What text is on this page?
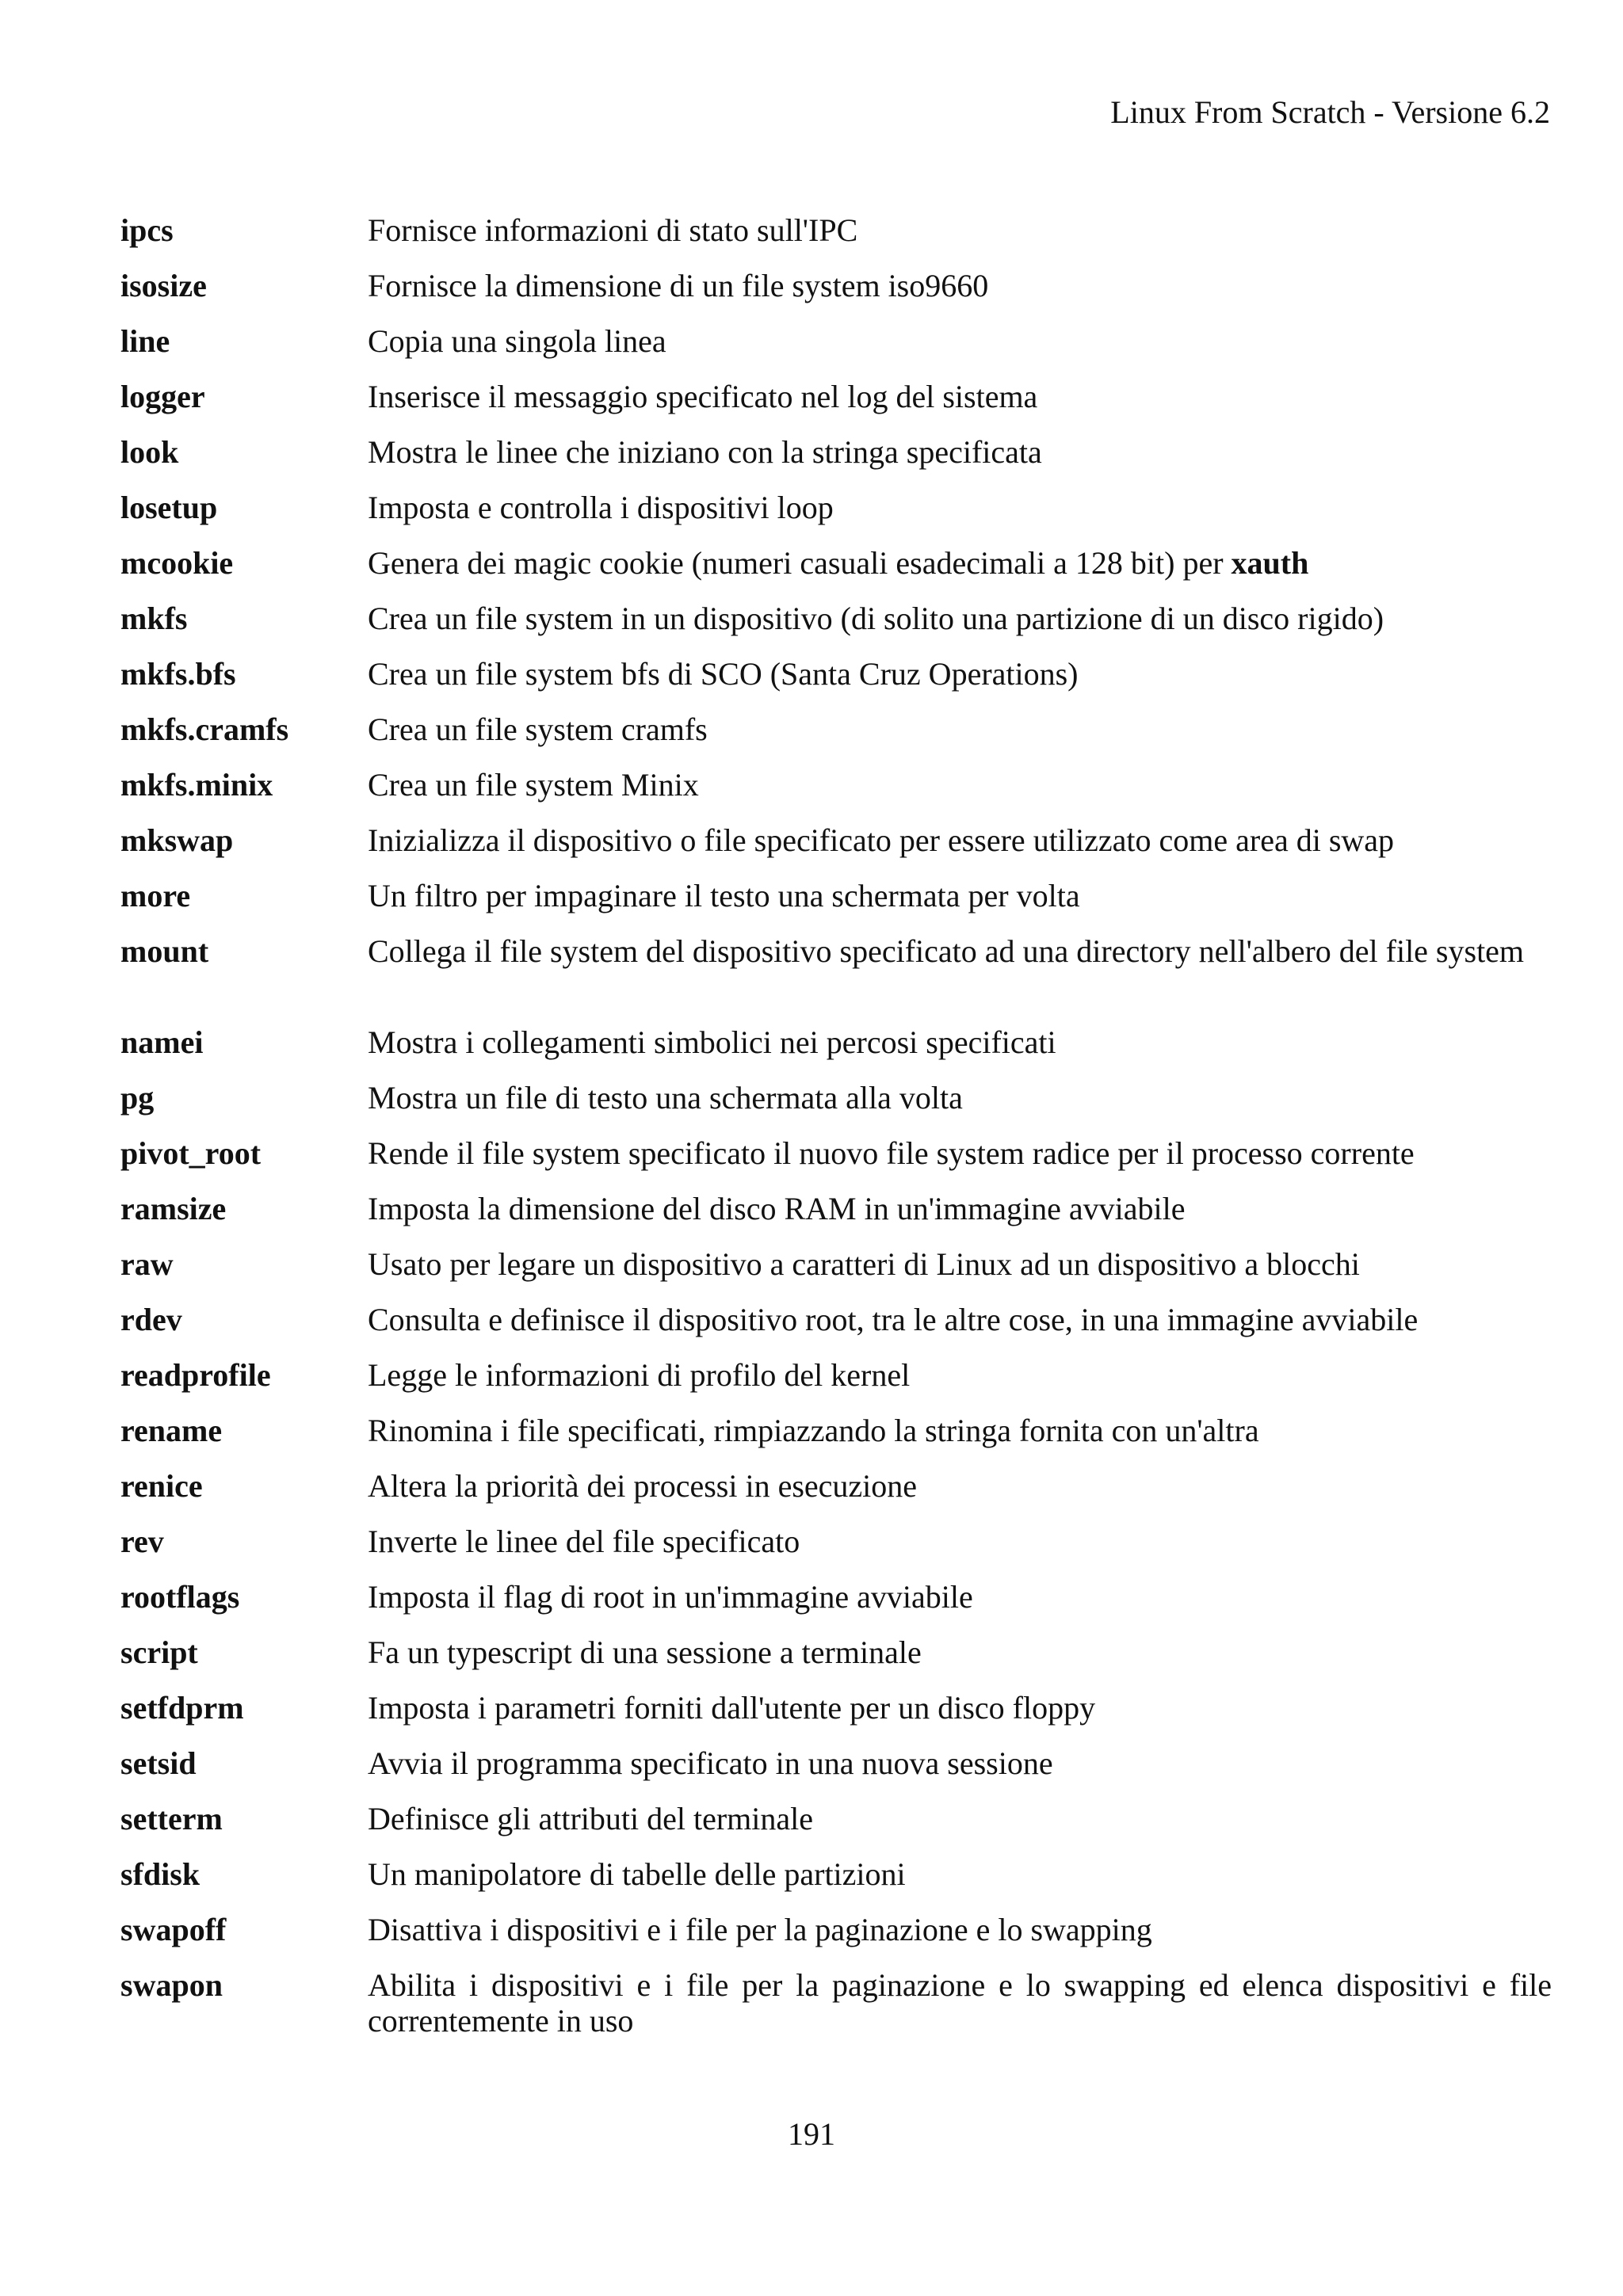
Linux From Scratch - Versione 6.2
ipcs	Fornisce informazioni di stato sull'IPC
isosize	Fornisce la dimensione di un file system iso9660
line	Copia una singola linea
logger	Inserisce il messaggio specificato nel log del sistema
look	Mostra le linee che iniziano con la stringa specificata
losetup	Imposta e controlla i dispositivi loop
mcookie	Genera dei magic cookie (numeri casuali esadecimali a 128 bit) per xauth
mkfs	Crea un file system in un dispositivo (di solito una partizione di un disco rigido)
mkfs.bfs	Crea un file system bfs di SCO (Santa Cruz Operations)
mkfs.cramfs	Crea un file system cramfs
mkfs.minix	Crea un file system Minix
mkswap	Inizializza il dispositivo o file specificato per essere utilizzato come area di swap
more	Un filtro per impaginare il testo una schermata per volta
mount	Collega il file system del dispositivo specificato ad una directory nell'albero del file system
namei	Mostra i collegamenti simbolici nei percosi specificati
pg	Mostra un file di testo una schermata alla volta
pivot_root	Rende il file system specificato il nuovo file system radice per il processo corrente
ramsize	Imposta la dimensione del disco RAM in un'immagine avviabile
raw	Usato per legare un dispositivo a caratteri di Linux ad un dispositivo a blocchi
rdev	Consulta e definisce il dispositivo root, tra le altre cose, in una immagine avviabile
readprofile	Legge le informazioni di profilo del kernel
rename	Rinomina i file specificati, rimpiazzando la stringa fornita con un'altra
renice	Altera la priorità dei processi in esecuzione
rev	Inverte le linee del file specificato
rootflags	Imposta il flag di root in un'immagine avviabile
script	Fa un typescript di una sessione a terminale
setfdprm	Imposta i parametri forniti dall'utente per un disco floppy
setsid	Avvia il programma specificato in una nuova sessione
setterm	Definisce gli attributi del terminale
sfdisk	Un manipolatore di tabelle delle partizioni
swapoff	Disattiva i dispositivi e i file per la paginazione e lo swapping
swapon	Abilita i dispositivi e i file per la paginazione e lo swapping ed elenca dispositivi e file correntemente in uso
191
